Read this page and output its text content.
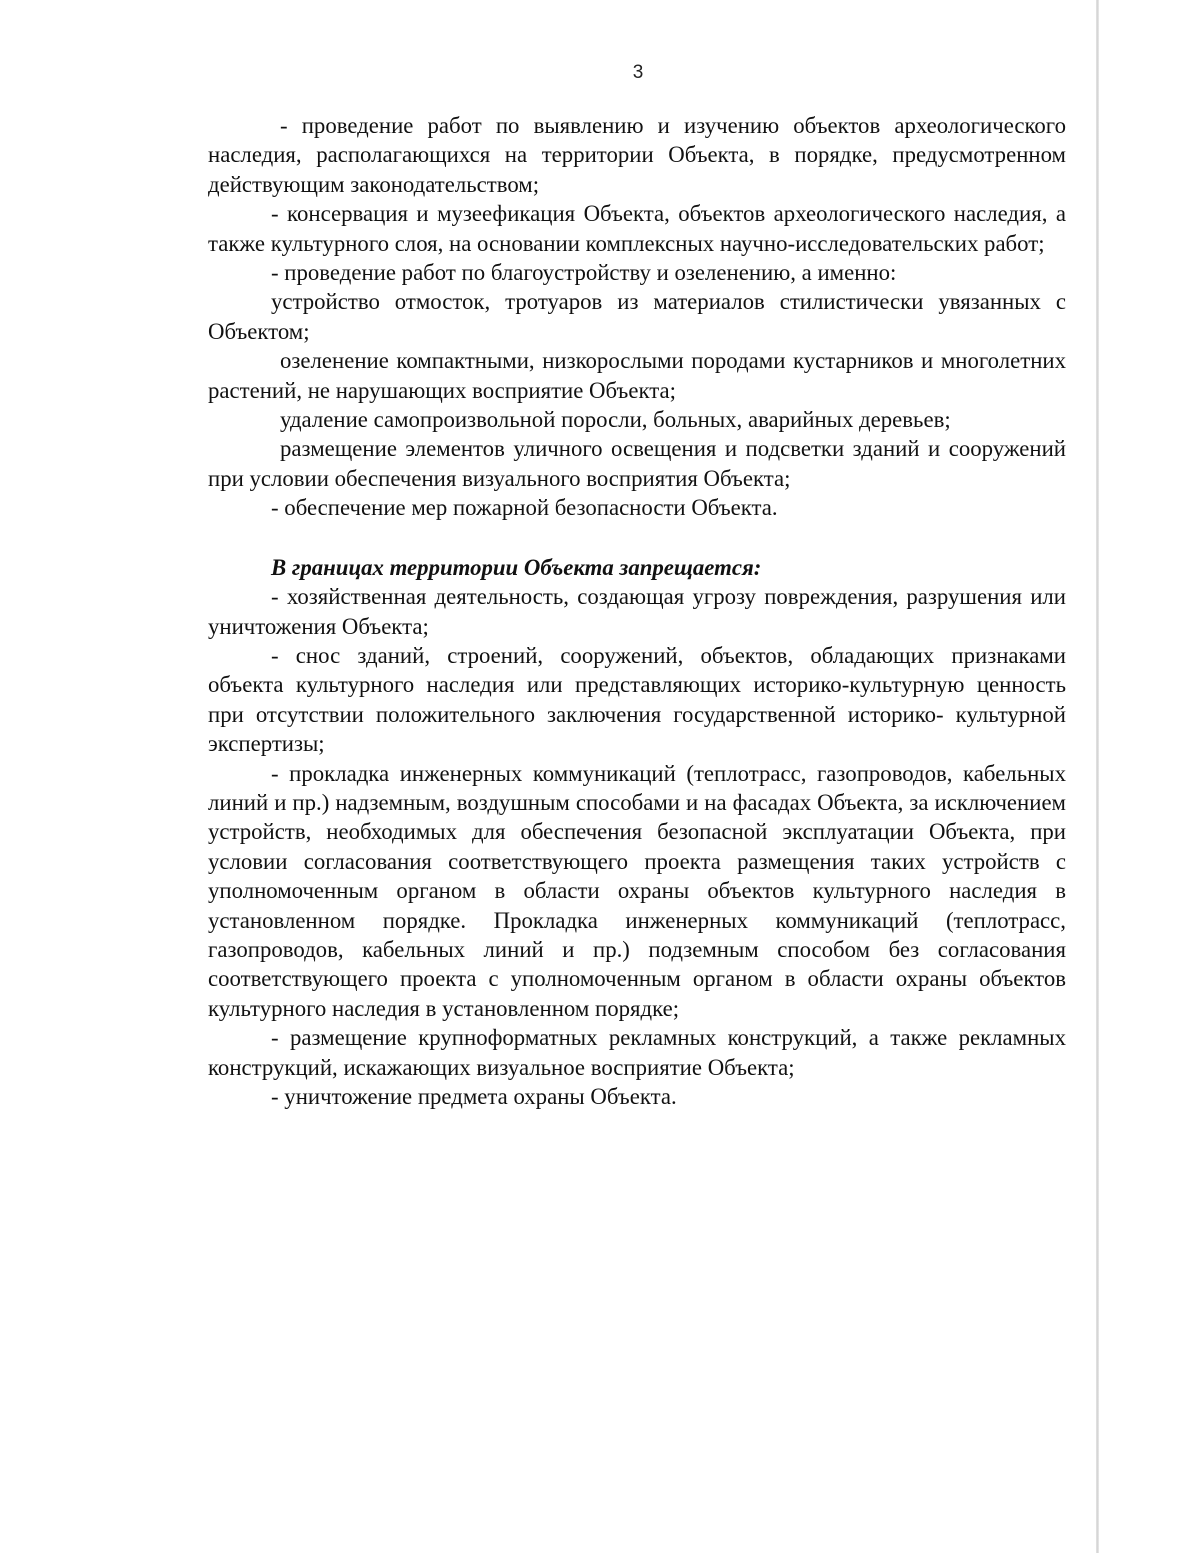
3

- проведение работ по выявлению и изучению объектов археологического наследия, располагающихся на территории Объекта, в порядке, предусмотренном действующим законодательством;

- консервация и музеефикация Объекта, объектов археологического наследия, а также культурного слоя, на основании комплексных научно-исследовательских работ;

- проведение работ по благоустройству и озеленению, а именно:

устройство отмосток, тротуаров из материалов стилистически увязанных с Объектом;

озеленение компактными, низкорослыми породами кустарников и многолетних растений, не нарушающих восприятие Объекта;

удаление самопроизвольной поросли, больных, аварийных деревьев;

размещение элементов уличного освещения и подсветки зданий и сооружений при условии обеспечения визуального восприятия Объекта;

- обеспечение мер пожарной безопасности Объекта.

В границах территории Объекта запрещается:

- хозяйственная деятельность, создающая угрозу повреждения, разрушения или уничтожения Объекта;

- снос зданий, строений, сооружений, объектов, обладающих признаками объекта культурного наследия или представляющих историко-культурную ценность при отсутствии положительного заключения государственной историко- культурной экспертизы;

- прокладка инженерных коммуникаций (теплотрасс, газопроводов, кабельных линий и пр.) надземным, воздушным способами и на фасадах Объекта, за исключением устройств, необходимых для обеспечения безопасной эксплуатации Объекта, при условии согласования соответствующего проекта размещения таких устройств с уполномоченным органом в области охраны объектов культурного наследия в установленном порядке. Прокладка инженерных коммуникаций (теплотрасс, газопроводов, кабельных линий и пр.) подземным способом без согласования соответствующего проекта с уполномоченным органом в области охраны объектов культурного наследия в установленном порядке;

- размещение крупноформатных рекламных конструкций, а также рекламных конструкций, искажающих визуальное восприятие Объекта;

- уничтожение предмета охраны Объекта.
